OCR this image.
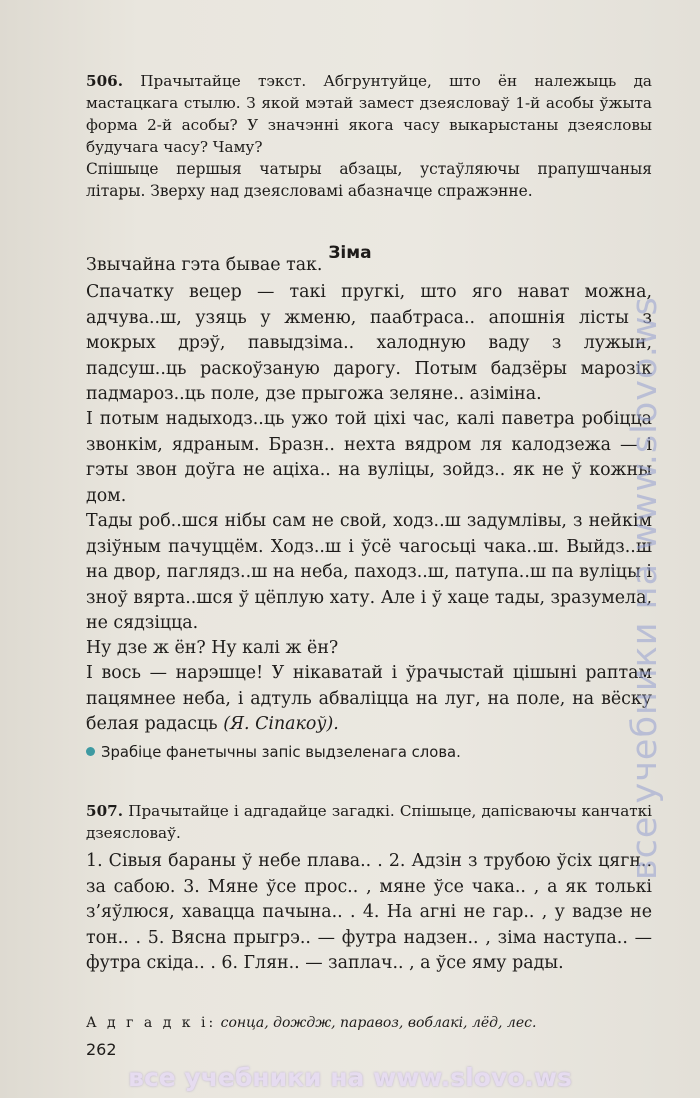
506. Прачытайце тэкст. Абгрунтуйце, што ён належыць да мастацкага стылю. З якой мэтай замест дзеясловаў 1-й асобы ўжыта форма 2-й асобы? У значэнні якога часу выкарыстаны дзеясловы будучага часу? Чаму?

Спішыце першыя чатыры абзацы, устаўляючы прапушчаныя літары. Зверху над дзеясловамі абазначце спражэнне.

Зіма

Звычайна гэта бывае так.

Спачатку вецер — такі пругкі, што яго нават можна, адчува..ш, узяць у жменю, паабтраса.. апошнія лісты з мокрых дрэў, павыдзіма.. халодную ваду з лужын, падсуш..ць раскоўзаную дарогу. Потым бадзёры марозік падмароз..ць поле, дзе прыгожа зеляне.. азіміна.

І потым надыходз..ць ужо той ціхі час, калі паветра робіцца звонкім, ядраным. Бразн.. нехта вядром ля калодзежа — і гэты звон доўга не аціха.. на вуліцы, зойдз.. як не ў кожны дом.

Тады роб..шся нібы сам не свой, ходз..ш задумлівы, з нейкім дзіўным пачуццём. Ходз..ш і ўсё чагосьці чака..ш. Выйдз..ш на двор, паглядз..ш на неба, паходз..ш, патупа..ш па вуліцы і зноў вярта..шся ў цёплую хату. Але і ў хаце тады, зразумела, не сядзіцца.

Ну дзе ж ён? Ну калі ж ён?

І вось — нарэшце! У нікаватай і ўрачыстай цішыні раптам пацямнее неба, і адтуль абваліцца на луг, на поле, на вёску белая радасць (Я. Сіпакоў).

Зрабіце фанетычны запіс выдзеленага слова.

507. Прачытайце і адгадайце загадкі. Спішыце, дапісваючы канчаткі дзеясловаў.

1. Сівыя бараны ў небе плава.. . 2. Адзін з трубою ўсіх цягн.. за сабою. 3. Мяне ўсе прос.. , мяне ўсе чака.. , а як толькі з’яўлюся, хавацца пачына.. . 4. На агні не гар.. , у вадзе не тон.. . 5. Вясна прыгрэ.. — футра надзен.. , зіма наступа.. — футра скіда.. . 6. Глян.. — заплач.. , а ўсе яму рады.

А д г а д к і: сонца, дождж, паравоз, воблакі, лёд, лес.

262
все учебники на www.slovo.ws
все учебники на www.slovo.ws
